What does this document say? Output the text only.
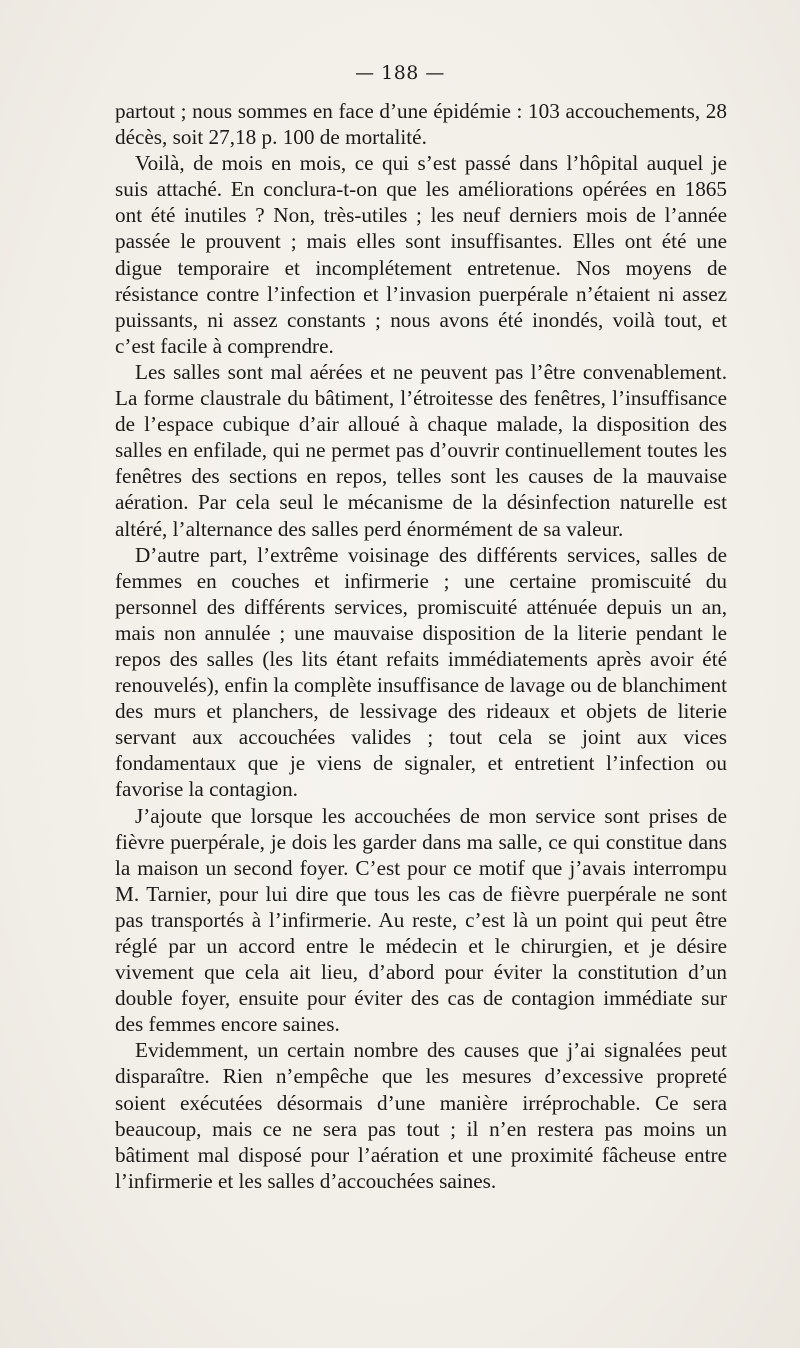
— 188 —

partout ; nous sommes en face d’une épidémie : 103 accouchements, 28 décès, soit 27,18 p. 100 de mortalité.

Voilà, de mois en mois, ce qui s’est passé dans l’hôpital auquel je suis attaché. En conclura-t-on que les améliorations opérées en 1865 ont été inutiles ? Non, très-utiles ; les neuf derniers mois de l’année passée le prouvent ; mais elles sont insuffisantes. Elles ont été une digue temporaire et incomplétement entretenue. Nos moyens de résistance contre l’infection et l’invasion puerpérale n’étaient ni assez puissants, ni assez constants ; nous avons été inondés, voilà tout, et c’est facile à comprendre.

Les salles sont mal aérées et ne peuvent pas l’être convenablement. La forme claustrale du bâtiment, l’étroitesse des fenêtres, l’insuffisance de l’espace cubique d’air alloué à chaque malade, la disposition des salles en enfilade, qui ne permet pas d’ouvrir continuellement toutes les fenêtres des sections en repos, telles sont les causes de la mauvaise aération. Par cela seul le mécanisme de la désinfection naturelle est altéré, l’alternance des salles perd énormément de sa valeur.

D’autre part, l’extrême voisinage des différents services, salles de femmes en couches et infirmerie ; une certaine promiscuité du personnel des différents services, promiscuité atténuée depuis un an, mais non annulée ; une mauvaise disposition de la literie pendant le repos des salles (les lits étant refaits immédiatements après avoir été renouvelés), enfin la complète insuffisance de lavage ou de blanchiment des murs et planchers, de lessivage des rideaux et objets de literie servant aux accouchées valides ; tout cela se joint aux vices fondamentaux que je viens de signaler, et entretient l’infection ou favorise la contagion.

J’ajoute que lorsque les accouchées de mon service sont prises de fièvre puerpérale, je dois les garder dans ma salle, ce qui constitue dans la maison un second foyer. C’est pour ce motif que j’avais interrompu M. Tarnier, pour lui dire que tous les cas de fièvre puerpérale ne sont pas transportés à l’infirmerie. Au reste, c’est là un point qui peut être réglé par un accord entre le médecin et le chirurgien, et je désire vivement que cela ait lieu, d’abord pour éviter la constitution d’un double foyer, ensuite pour éviter des cas de contagion immédiate sur des femmes encore saines.

Evidemment, un certain nombre des causes que j’ai signalées peut disparaître. Rien n’empêche que les mesures d’excessive propreté soient exécutées désormais d’une manière irréprochable. Ce sera beaucoup, mais ce ne sera pas tout ; il n’en restera pas moins un bâtiment mal disposé pour l’aération et une proximité fâcheuse entre l’infirmerie et les salles d’accouchées saines.
